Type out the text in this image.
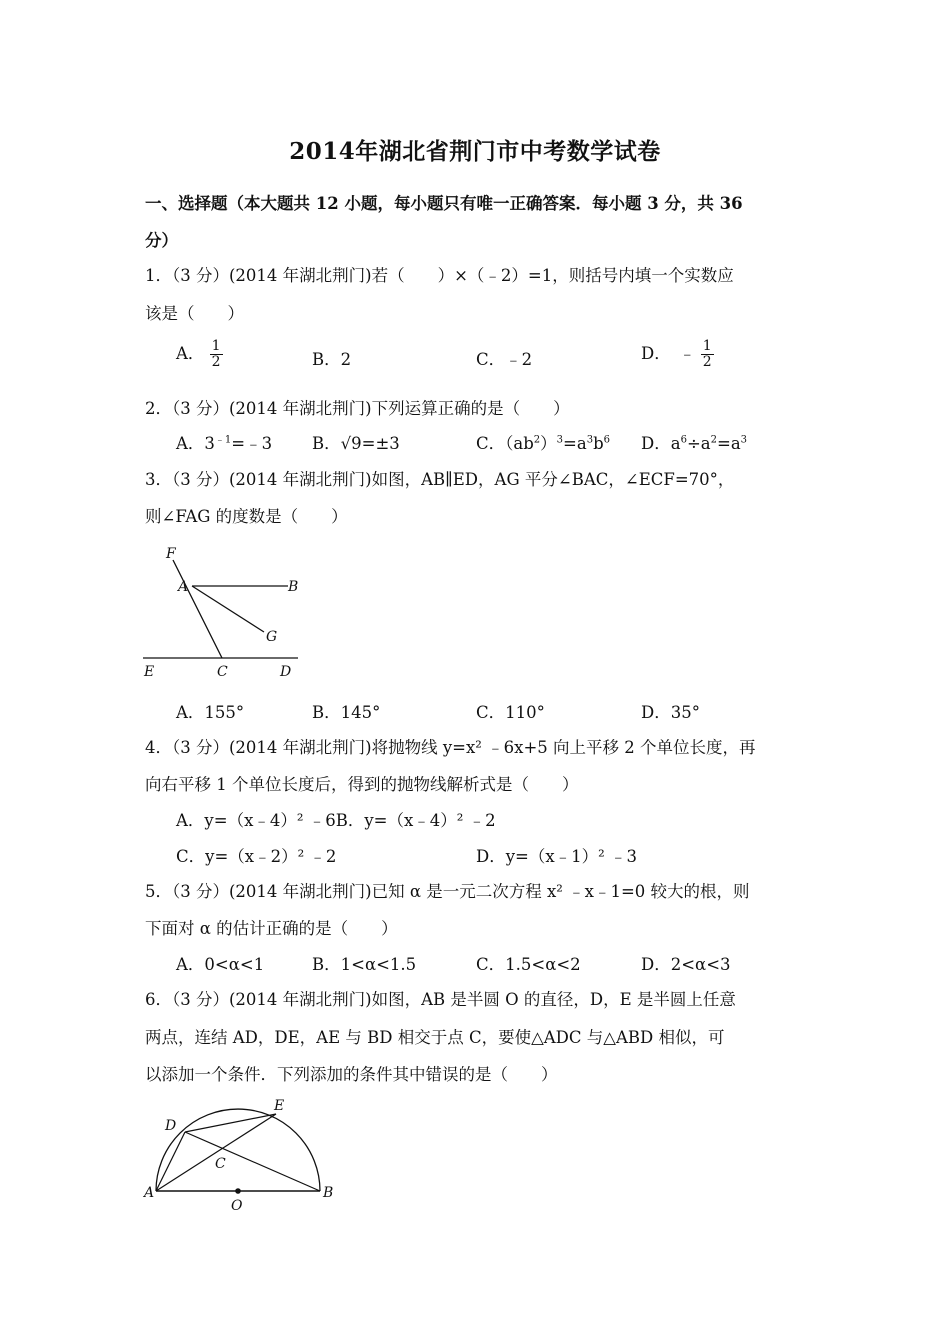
2014年湖北省荆门市中考数学试卷
一、选择题（本大题共 12 小题，每小题只有唯一正确答案．每小题 3 分，共 36
分）
1．（3 分）(2014 年湖北荆门)若（　　）×（﹣2）=1，则括号内填一个实数应
该是（　　）
A． $\frac{1}{2}$	B．2	C．﹣2	D．　﹣ $\frac{1}{2}$
2．（3 分）(2014 年湖北荆门)下列运算正确的是（　　）
A．$3^{﹣1}=﹣3$ B．√9=±3	C．$(ab^2)^3=a^3b^6$ D．$a^6\div a^2=a^3$
3．（3 分）(2014 年湖北荆门)如图，AB∥ED，AG 平分∠BAC，∠ECF=70°，
则∠FAG 的度数是（　　）
F
A	B
G
E	C	D
A．155°	B．145°	C．110°	D．35°
4．（3 分）(2014 年湖北荆门)将抛物线 y=x² ﹣6x+5 向上平移 2 个单位长度，再
向右平移 1 个单位长度后，得到的抛物线解析式是（　　）
A．y=（x﹣4）² ﹣6B．y=（x﹣4）² ﹣2
C．y=（x﹣2）² ﹣2	D．y=（x﹣1）² ﹣3
5．（3 分）(2014 年湖北荆门)已知 α 是一元二次方程 x² ﹣x﹣1=0 较大的根，则
下面对 α 的估计正确的是（　　）
A．0<α<1	B．1<α<1.5	C．1.5<α<2	D．2<α<3
6．（3 分）(2014 年湖北荆门)如图，AB 是半圆 O 的直径，D，E 是半圆上任意
两点，连结 AD，DE，AE 与 BD 相交于点 C，要使△ADC 与△ABD 相似，可
以添加一个条件．下列添加的条件其中错误的是（　　）
D
E
C
A
O
B
